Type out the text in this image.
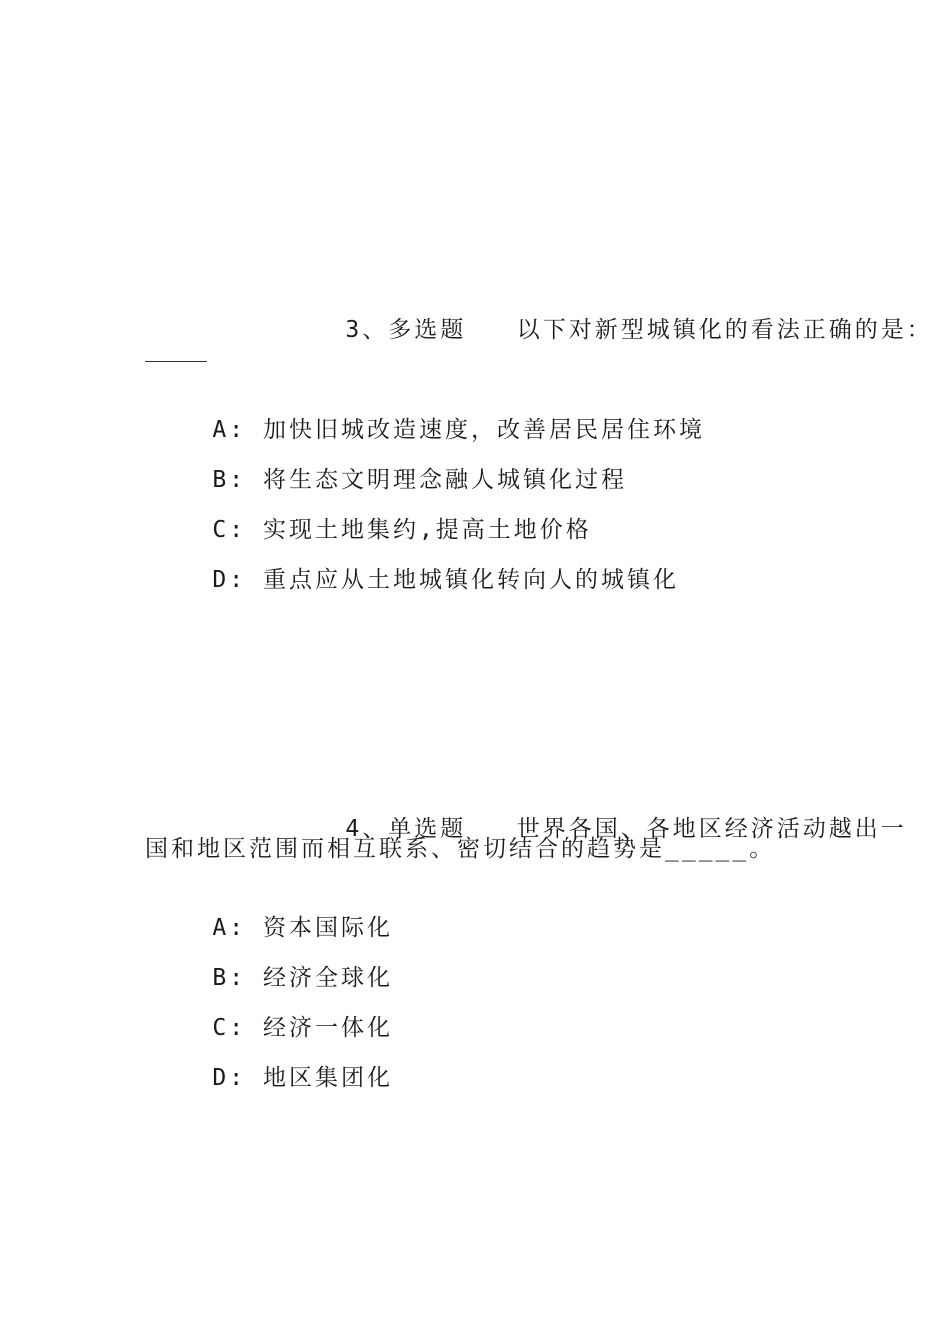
3、多选题 以下对新型城镇化的看法正确的是：

A: 加快旧城改造速度，改善居民居住环境

B: 将生态文明理念融人城镇化过程

C: 实现土地集约,提高土地价格

D: 重点应从土地城镇化转向人的城镇化

4、单选题 世界各国、各地区经济活动越出一

国和地区范围而相互联系、密切结合的趋势是_____。

A: 资本国际化

B: 经济全球化

C: 经济一体化

D: 地区集团化
